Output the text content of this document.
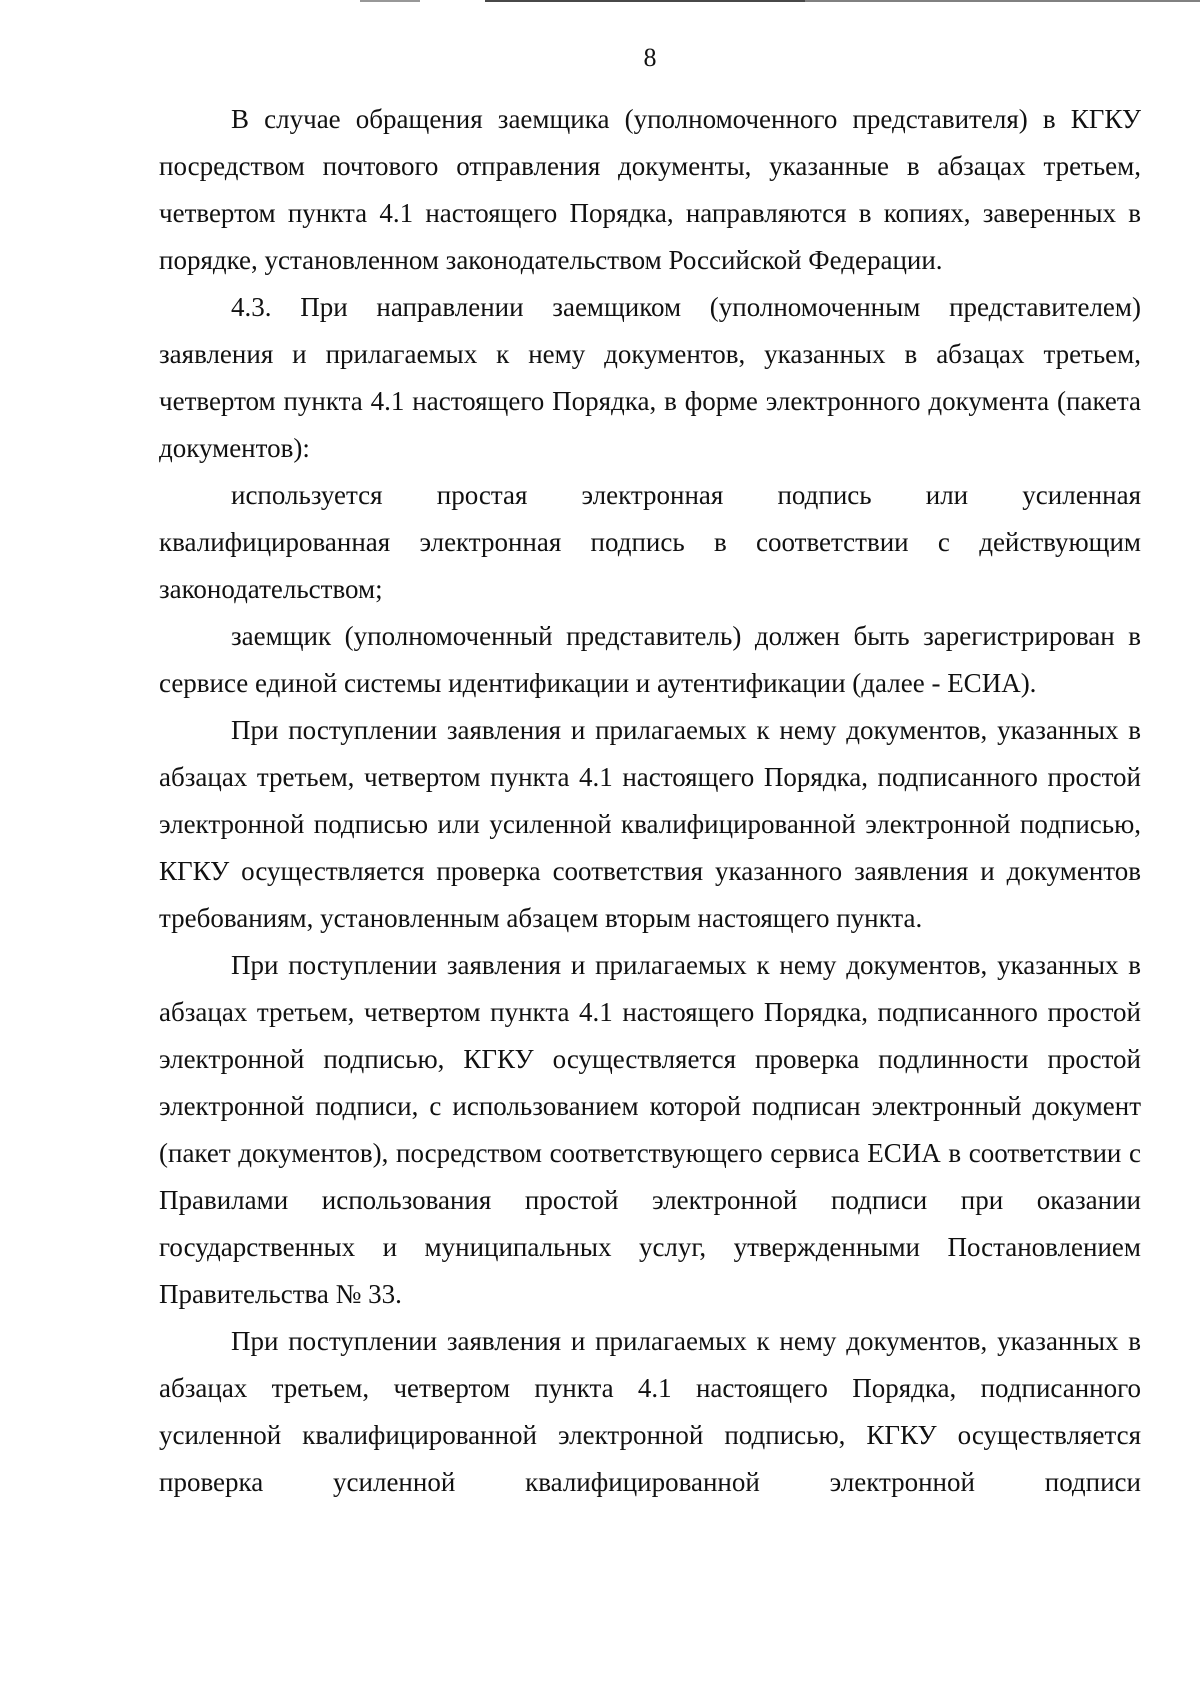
8

В случае обращения заемщика (уполномоченного представителя) в КГКУ посредством почтового отправления документы, указанные в абзацах третьем, четвертом пункта 4.1 настоящего Порядка, направляются в копиях, заверенных в порядке, установленном законодательством Российской Федерации.

4.3. При направлении заемщиком (уполномоченным представителем) заявления и прилагаемых к нему документов, указанных в абзацах третьем, четвертом пункта 4.1 настоящего Порядка, в форме электронного документа (пакета документов):

используется простая электронная подпись или усиленная квалифицированная электронная подпись в соответствии с действующим законодательством;

заемщик (уполномоченный представитель) должен быть зарегистрирован в сервисе единой системы идентификации и аутентификации (далее - ЕСИА).

При поступлении заявления и прилагаемых к нему документов, указанных в абзацах третьем, четвертом пункта 4.1 настоящего Порядка, подписанного простой электронной подписью или усиленной квалифицированной электронной подписью, КГКУ осуществляется проверка соответствия указанного заявления и документов требованиям, установленным абзацем вторым настоящего пункта.

При поступлении заявления и прилагаемых к нему документов, указанных в абзацах третьем, четвертом пункта 4.1 настоящего Порядка, подписанного простой электронной подписью, КГКУ осуществляется проверка подлинности простой электронной подписи, с использованием которой подписан электронный документ (пакет документов), посредством соответствующего сервиса ЕСИА в соответствии с Правилами использования простой электронной подписи при оказании государственных и муниципальных услуг, утвержденными Постановлением Правительства № 33.

При поступлении заявления и прилагаемых к нему документов, указанных в абзацах третьем, четвертом пункта 4.1 настоящего Порядка, подписанного усиленной квалифицированной электронной подписью, КГКУ осуществляется проверка усиленной квалифицированной электронной подписи
